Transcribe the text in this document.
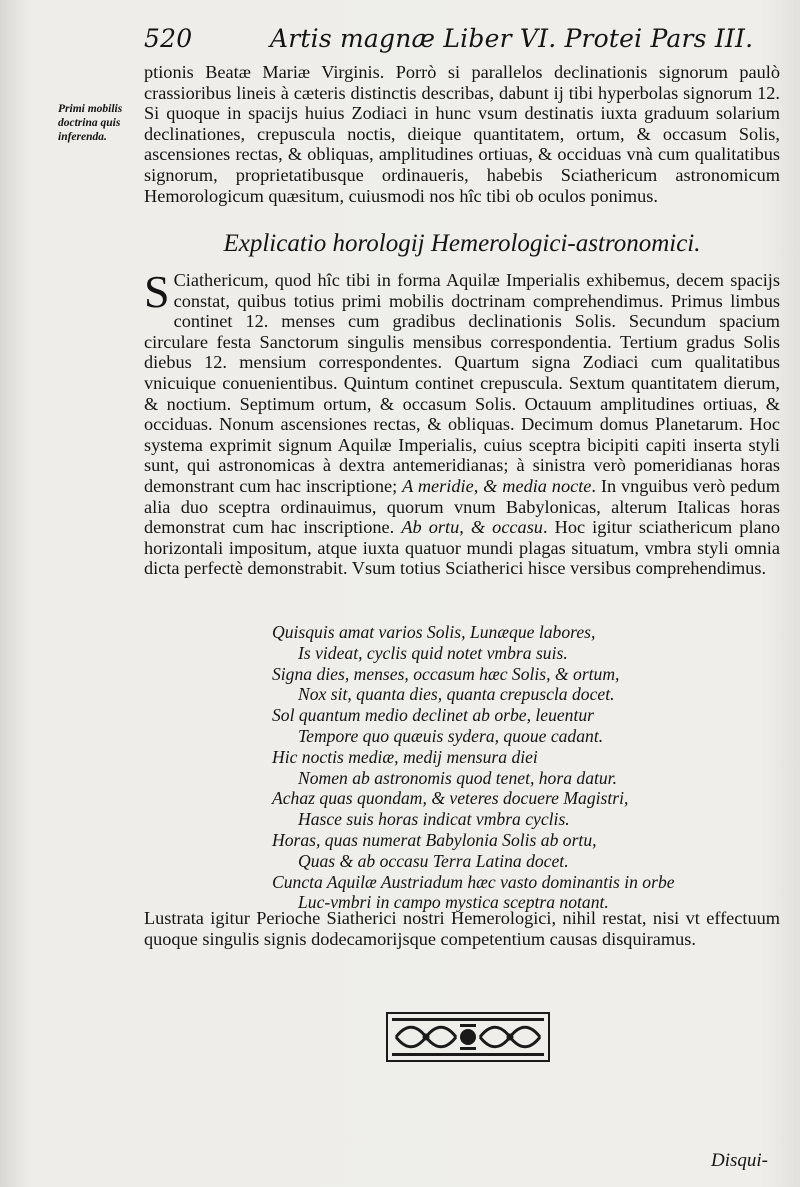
520	Artis magnæ Liber VI. Protei Pars III.
Primi mobilis doctrina quis inferenda.
ptionis Beatæ Mariæ Virginis. Porrò si parallelos declinationis signorum paulò crassioribus lineis à cæteris distinctis describas, dabunt ij tibi hyperbolas signorum 12. Si quoque in spacijs huius Zodiaci in hunc vsum destinatis iuxta graduum solarium declinationes, crepuscula noctis, dieique quantitatem, ortum, & occasum Solis, ascensiones rectas, & obliquas, amplitudines ortiuas, & occiduas vnà cum qualitatibus signorum, proprietatibusque ordinaueris, habebis Sciathericum astronomicum Hemorologicum quæsitum, cuiusmodi nos hîc tibi ob oculos ponimus.
Explicatio horologij Hemerologici-astronomici.
S Ciathericum, quod hîc tibi in forma Aquilæ Imperialis exhibemus, decem spacijs constat, quibus totius primi mobilis doctrinam comprehendimus. Primus limbus continet 12. menses cum gradibus declinationis Solis. Secundum spacium circulare festa Sanctorum singulis mensibus correspondentia. Tertium gradus Solis diebus 12. mensium correspondentes. Quartum signa Zodiaci cum qualitatibus vnicuique conuenientibus. Quintum continet crepuscula. Sextum quantitatem dierum, & noctium. Septimum ortum, & occasum Solis. Octauum amplitudines ortiuas, & occiduas. Nonum ascensiones rectas, & obliquas. Decimum domus Planetarum. Hoc systema exprimit signum Aquilæ Imperialis, cuius sceptra bicipiti capiti inserta styli sunt, qui astronomicas à dextra antemeridianas; à sinistra verò pomeridianas horas demonstrant cum hac inscriptione; A meridie, & media nocte. In vnguibus verò pedum alia duo sceptra ordinauimus, quorum vnum Babylonicas, alterum Italicas horas demonstrat cum hac inscriptione. Ab ortu, & occasu. Hoc igitur sciathericum plano horizontali impositum, atque iuxta quatuor mundi plagas situatum, vmbra styli omnia dicta perfectè demonstrabit. Vsum totius Sciatherici hisce versibus comprehendimus.
Quisquis amat varios Solis, Lunæque labores,
Is videat, cyclis quid notet vmbra suis.
Signa dies, menses, occasum hæc Solis, & ortum,
Nox sit, quanta dies, quanta crepuscla docet.
Sol quantum medio declinet ab orbe, leuentur
Tempore quo quæuis sydera, quoue cadant.
Hic noctis mediæ, medij mensura diei
Nomen ab astronomis quod tenet, hora datur.
Achaz quas quondam, & veteres docuere Magistri,
Hasce suis horas indicat vmbra cyclis.
Horas, quas numerat Babylonia Solis ab ortu,
Quas & ab occasu Terra Latina docet.
Cuncta Aquilæ Austriadum hæc vasto dominantis in orbe
Luc-vmbri in campo mystica sceptra notant.
Lustrata igitur Perioche Siatherici nostri Hemerologici, nihil restat, nisi vt effectuum quoque singulis signis dodecamorijsque competentium causas disquiramus.
Disqui-
